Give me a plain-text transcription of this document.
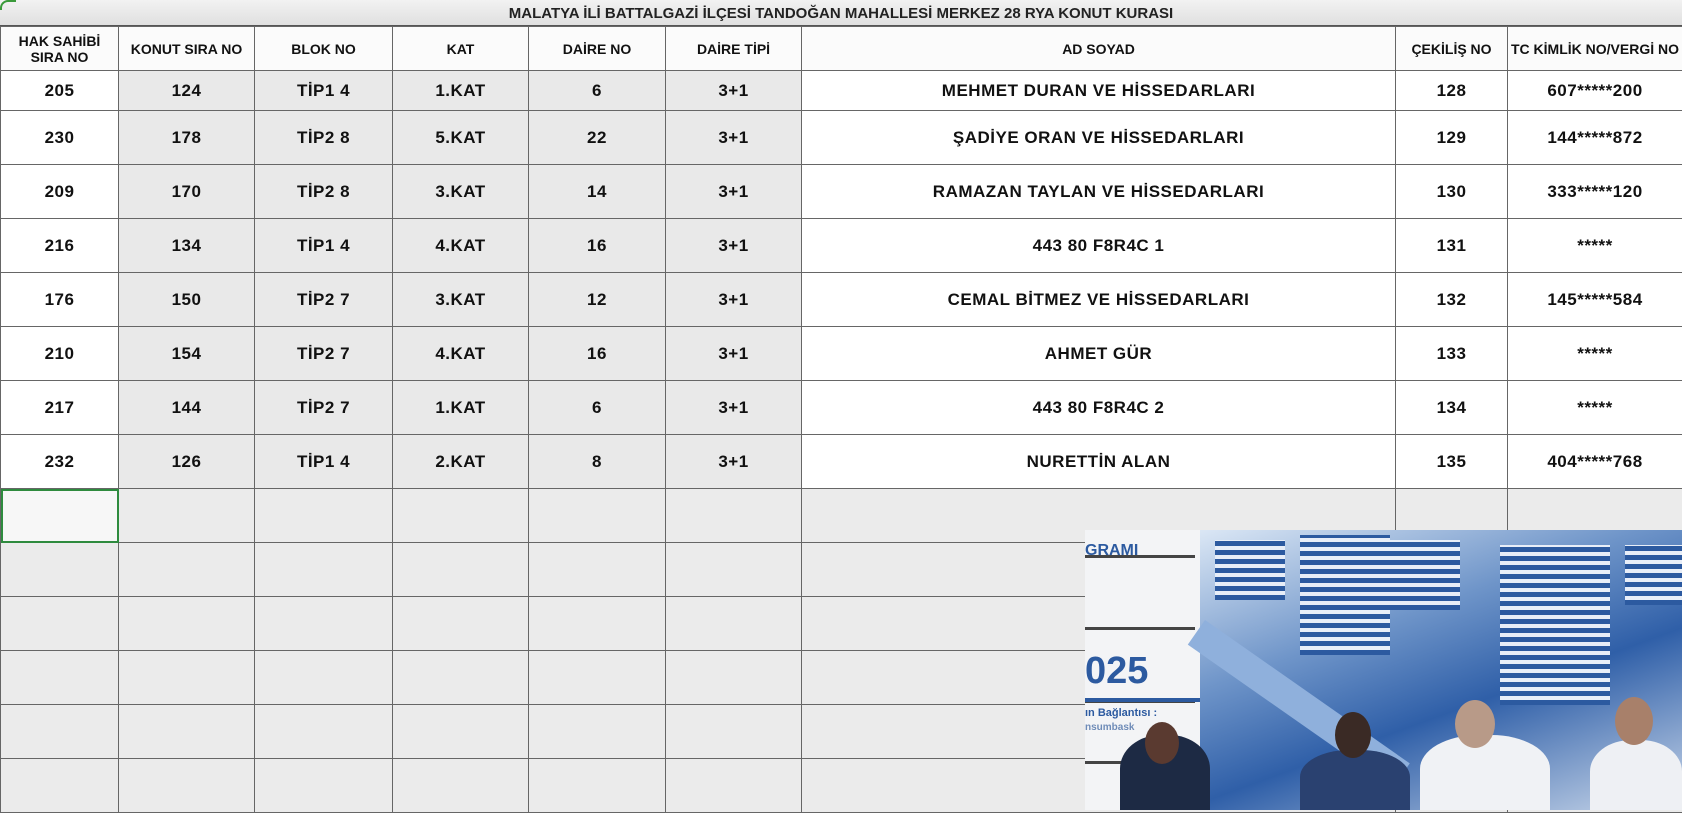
MALATYA İLİ BATTALGAZİ İLÇESİ TANDOĞAN MAHALLESİ MERKEZ 28 RYA KONUT KURASI
HAK SAHİBİ SIRA NO	KONUT SIRA NO	BLOK NO	KAT	DAİRE NO	DAİRE TİPİ	AD SOYAD	ÇEKİLİŞ NO	TC KİMLİK NO/VERGİ NO
205	124	TİP1 4	1.KAT	6	3+1	MEHMET DURAN VE HİSSEDARLARI	128	607*****200
230	178	TİP2 8	5.KAT	22	3+1	ŞADİYE ORAN VE HİSSEDARLARI	129	144*****872
209	170	TİP2 8	3.KAT	14	3+1	RAMAZAN TAYLAN VE HİSSEDARLARI	130	333*****120
216	134	TİP1 4	4.KAT	16	3+1	443 80 F8R4C 1	131	*****
176	150	TİP2 7	3.KAT	12	3+1	CEMAL BİTMEZ VE HİSSEDARLARI	132	145*****584
210	154	TİP2 7	4.KAT	16	3+1	AHMET GÜR	133	*****
217	144	TİP2 7	1.KAT	6	3+1	443 80 F8R4C 2	134	*****
232	126	TİP1 4	2.KAT	8	3+1	NURETTİN ALAN	135	404*****768

GRAMI
025
ın Bağlantısı :
nsumbask
